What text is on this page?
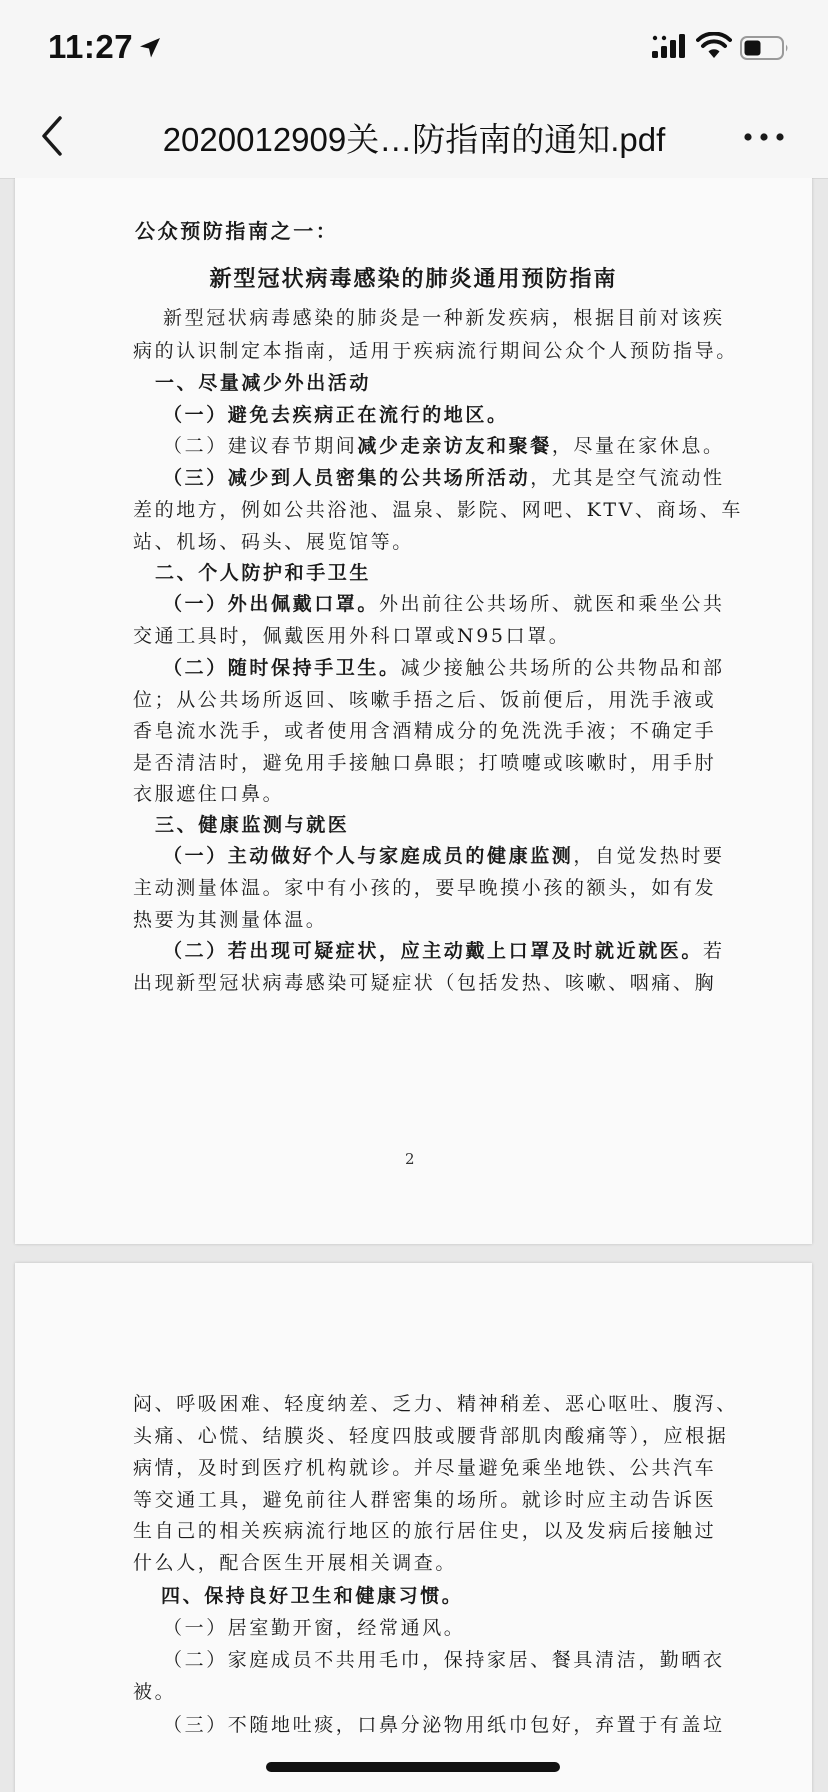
11:27
2020012909关…防指南的通知.pdf
公众预防指南之一：
新型冠状病毒感染的肺炎通用预防指南
2
新型冠状病毒感染的肺炎是一种新发疾病，根据目前对该疾
病的认识制定本指南，适用于疾病流行期间公众个人预防指导。
一、尽量减少外出活动
（一）避免去疾病正在流行的地区。
（二）建议春节期间减少走亲访友和聚餐，尽量在家休息。
（三）减少到人员密集的公共场所活动，尤其是空气流动性
差的地方，例如公共浴池、温泉、影院、网吧、KTV、商场、车
站、机场、码头、展览馆等。
二、个人防护和手卫生
（一）外出佩戴口罩。外出前往公共场所、就医和乘坐公共
交通工具时，佩戴医用外科口罩或N95口罩。
（二）随时保持手卫生。减少接触公共场所的公共物品和部
位；从公共场所返回、咳嗽手捂之后、饭前便后，用洗手液或
香皂流水洗手，或者使用含酒精成分的免洗洗手液；不确定手
是否清洁时，避免用手接触口鼻眼；打喷嚏或咳嗽时，用手肘
衣服遮住口鼻。
三、健康监测与就医
（一）主动做好个人与家庭成员的健康监测，自觉发热时要
主动测量体温。家中有小孩的，要早晚摸小孩的额头，如有发
热要为其测量体温。
（二）若出现可疑症状，应主动戴上口罩及时就近就医。若
出现新型冠状病毒感染可疑症状（包括发热、咳嗽、咽痛、胸
闷、呼吸困难、轻度纳差、乏力、精神稍差、恶心呕吐、腹泻、
头痛、心慌、结膜炎、轻度四肢或腰背部肌肉酸痛等），应根据
病情，及时到医疗机构就诊。并尽量避免乘坐地铁、公共汽车
等交通工具，避免前往人群密集的场所。就诊时应主动告诉医
生自己的相关疾病流行地区的旅行居住史，以及发病后接触过
什么人，配合医生开展相关调查。
四、保持良好卫生和健康习惯。
（一）居室勤开窗，经常通风。
（二）家庭成员不共用毛巾，保持家居、餐具清洁，勤晒衣
被。
（三）不随地吐痰，口鼻分泌物用纸巾包好，弃置于有盖垃
